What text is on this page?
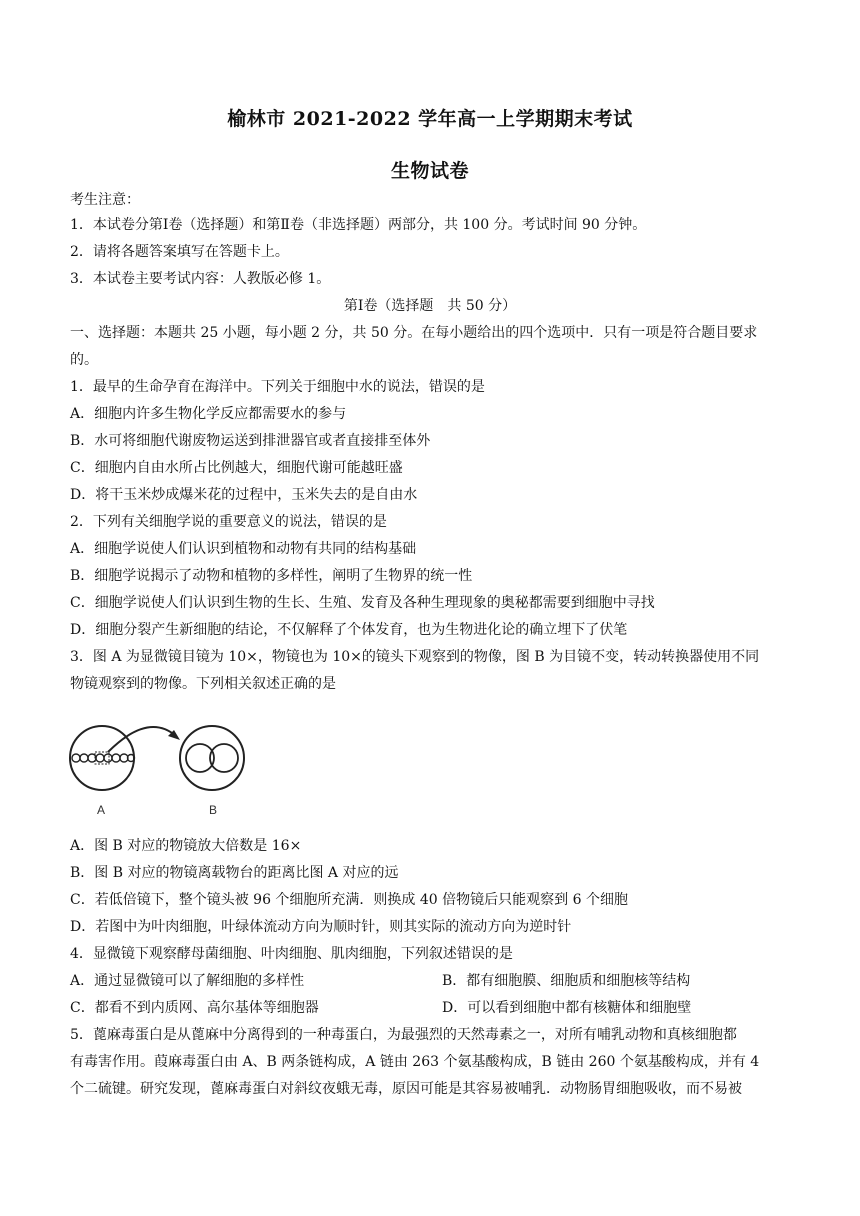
榆林市 2021-2022 学年高一上学期期末考试
生物试卷
考生注意：
1．本试卷分第Ⅰ卷（选择题）和第Ⅱ卷（非选择题）两部分，共 100 分。考试时间 90 分钟。
2．请将各题答案填写在答题卡上。
3．本试卷主要考试内容：人教版必修 1。
第Ⅰ卷（选择题　共 50 分）
一、选择题：本题共 25 小题，每小题 2 分，共 50 分。在每小题给出的四个选项中．只有一项是符合题目要求
的。
1．最早的生命孕育在海洋中。下列关于细胞中水的说法，错误的是
A．细胞内许多生物化学反应都需要水的参与
B．水可将细胞代谢废物运送到排泄器官或者直接排至体外
C．细胞内自由水所占比例越大，细胞代谢可能越旺盛
D．将干玉米炒成爆米花的过程中，玉米失去的是自由水
2．下列有关细胞学说的重要意义的说法，错误的是
A．细胞学说使人们认识到植物和动物有共同的结构基础
B．细胞学说揭示了动物和植物的多样性，阐明了生物界的统一性
C．细胞学说使人们认识到生物的生长、生殖、发育及各种生理现象的奥秘都需要到细胞中寻找
D．细胞分裂产生新细胞的结论，不仅解释了个体发育，也为生物进化论的确立埋下了伏笔
3．图 A 为显微镜目镜为 10×，物镜也为 10×的镜头下观察到的物像，图 B 为目镜不变，转动转换器使用不同
物镜观察到的物像。下列相关叙述正确的是
A	B
A．图 B 对应的物镜放大倍数是 16×
B．图 B 对应的物镜离载物台的距离比图 A 对应的远
C．若低倍镜下，整个镜头被 96 个细胞所充满．则换成 40 倍物镜后只能观察到 6 个细胞
D．若图中为叶肉细胞，叶绿体流动方向为顺时针，则其实际的流动方向为逆时针
4．显微镜下观察酵母菌细胞、叶肉细胞、肌肉细胞，下列叙述错误的是
A．通过显微镜可以了解细胞的多样性	B．都有细胞膜、细胞质和细胞核等结构
C．都看不到内质网、高尔基体等细胞器	D．可以看到细胞中都有核糖体和细胞壁
5．蓖麻毒蛋白是从蓖麻中分离得到的一种毒蛋白，为最强烈的天然毒素之一，对所有哺乳动物和真核细胞都
有毒害作用。葭麻毒蛋白由 A、B 两条链构成，A 链由 263 个氨基酸构成，B 链由 260 个氨基酸构成，并有 4
个二硫键。研究发现，蓖麻毒蛋白对斜纹夜蛾无毒，原因可能是其容易被哺乳．动物肠胃细胞吸收，而不易被
